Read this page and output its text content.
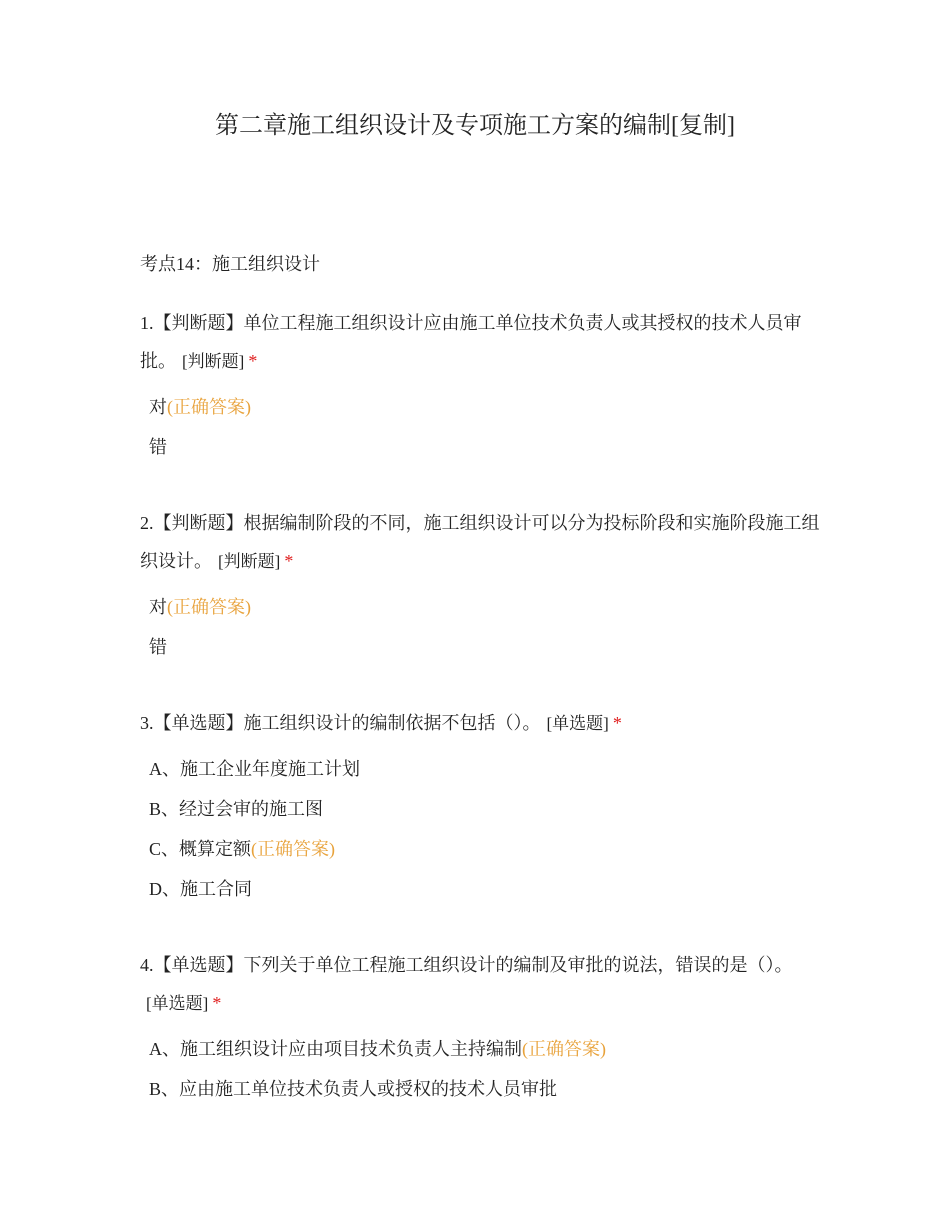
第二章施工组织设计及专项施工方案的编制[复制]
考点14：施工组织设计

1.【判断题】单位工程施工组织设计应由施工单位技术负责人或其授权的技术人员审批。 [判断题] *

对(正确答案)
错

2.【判断题】根据编制阶段的不同，施工组织设计可以分为投标阶段和实施阶段施工组织设计。 [判断题] *

对(正确答案)
错

3.【单选题】施工组织设计的编制依据不包括（）。 [单选题] *

A、施工企业年度施工计划
B、经过会审的施工图
C、概算定额(正确答案)
D、施工合同

4.【单选题】下列关于单位工程施工组织设计的编制及审批的说法，错误的是（）。[单选题] *

A、施工组织设计应由项目技术负责人主持编制(正确答案)
B、应由施工单位技术负责人或授权的技术人员审批
